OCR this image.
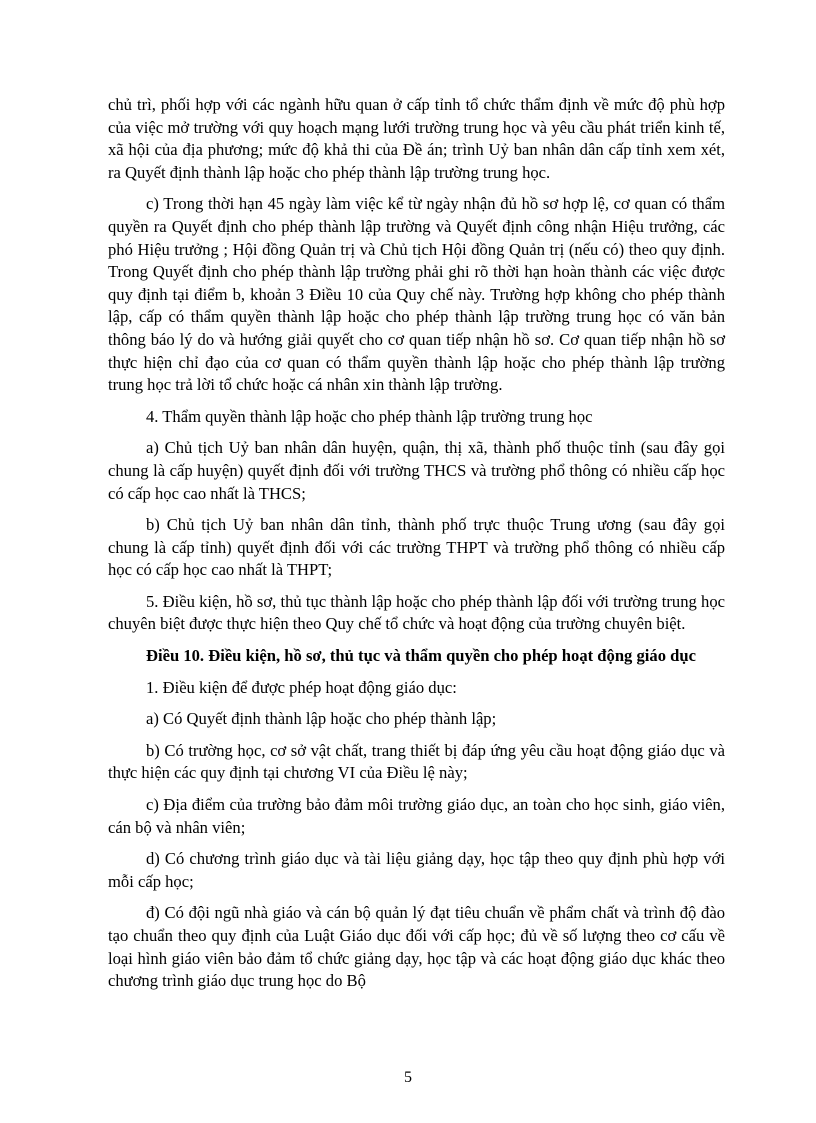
chủ trì, phối hợp với các ngành hữu quan ở cấp tỉnh tổ chức thẩm định về mức độ phù hợp của việc mở trường với quy hoạch mạng lưới trường trung học và yêu cầu phát triển kinh tế, xã hội của địa phương; mức độ khả thi của Đề án; trình Uỷ ban nhân dân cấp tỉnh xem xét, ra Quyết định thành lập hoặc cho phép thành lập trường trung học.

c) Trong thời hạn 45 ngày làm việc kể từ ngày nhận đủ hồ sơ hợp lệ, cơ quan có thẩm quyền ra Quyết định cho phép thành lập trường và Quyết định công nhận Hiệu trưởng, các phó Hiệu trưởng ; Hội đồng Quản trị và Chủ tịch Hội đồng Quản trị (nếu có) theo quy định. Trong Quyết định cho phép thành lập trường phải ghi rõ thời hạn hoàn thành các việc được quy định tại điểm b, khoản 3 Điều 10 của Quy chế này. Trường hợp không cho phép thành lập, cấp có thẩm quyền thành lập hoặc cho phép thành lập trường trung học có văn bản thông báo lý do và hướng giải quyết cho cơ quan tiếp nhận hồ sơ. Cơ quan tiếp nhận hồ sơ thực hiện chỉ đạo của cơ quan có thẩm quyền thành lập hoặc cho phép thành lập trường trung học trả lời tổ chức hoặc cá nhân xin thành lập trường.

4. Thẩm quyền thành lập hoặc cho phép thành lập trường trung học

a) Chủ tịch Uỷ ban nhân dân huyện, quận, thị xã, thành phố thuộc tỉnh (sau đây gọi chung là cấp huyện) quyết định đối với trường THCS và trường phổ thông có nhiều cấp học có cấp học cao nhất là THCS;

b) Chủ tịch Uỷ ban nhân dân tỉnh, thành phố trực thuộc Trung ương (sau đây gọi chung là cấp tỉnh) quyết định đối với các trường THPT và trường phổ thông có nhiều cấp học có cấp học cao nhất là THPT;

5. Điều kiện, hồ sơ, thủ tục thành lập hoặc cho phép thành lập đối với trường trung học chuyên biệt được thực hiện theo Quy chế tổ chức và hoạt động của trường chuyên biệt.

Điều 10. Điều kiện, hồ sơ, thủ tục và thẩm quyền cho phép hoạt động giáo dục

1. Điều kiện để được phép hoạt động giáo dục:

a) Có Quyết định thành lập hoặc cho phép thành lập;

b) Có trường học, cơ sở vật chất, trang thiết bị đáp ứng yêu cầu hoạt động giáo dục và thực hiện các quy định tại chương VI của Điều lệ này;

c) Địa điểm của trường bảo đảm môi trường giáo dục, an toàn cho học sinh, giáo viên, cán bộ và nhân viên;

d) Có chương trình giáo dục và tài liệu giảng dạy, học tập theo quy định phù hợp với mỗi cấp học;

đ) Có đội ngũ nhà giáo và cán bộ quản lý đạt tiêu chuẩn về phẩm chất và trình độ đào tạo chuẩn theo quy định của Luật Giáo dục đối với cấp học; đủ về số lượng theo cơ cấu về loại hình giáo viên bảo đảm tổ chức giảng dạy, học tập và các hoạt động giáo dục khác theo chương trình giáo dục trung học do Bộ

5
